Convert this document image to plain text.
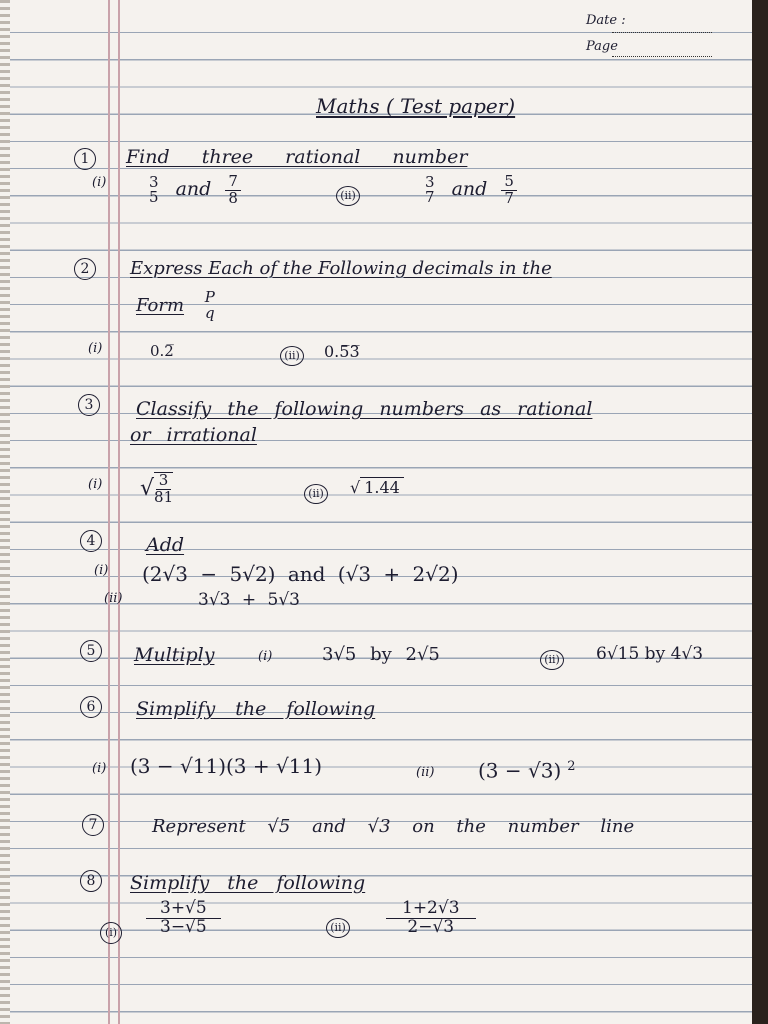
Date :
Page
Maths ( Test paper)
1	Find three rational number
(i)	3
5 and $\frac{7}{8}$	(ii)
3
7 and $\frac{5}{7}$
2	Express Each of the Following decimals in the
Form P
q
(i)	0.2̅	(ii) 0.5̅3̅
3	Classify the following numbers as rational
or irrational
(i) √ $\frac{3}{81}$	(ii) √ 1.44
4	Add
(i) (2√3 − 5√2) and (√3 + 2√2)
(ii)	3√3 + 5√3
5	Multiply	(i)	3√5 by 2√5	(ii) 6√15 by 4√3
6	Simplify the following
(i) (3 − √11)(3 + √11)	(ii) (3 − √3) $^2$
7	Represent √5 and √3 on the number line
8	Simplify the following
$(i) \frac{3+√5}{3-√5}$	$(ii) \frac{1+2√3}{2-√3}$
